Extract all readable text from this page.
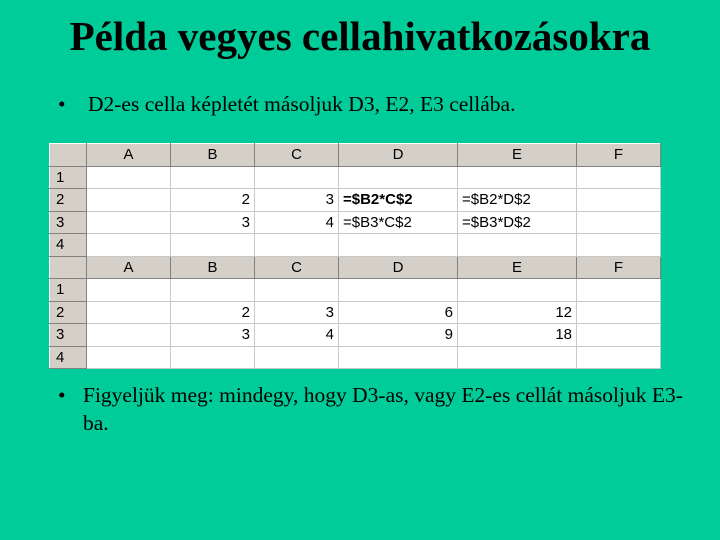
Példa vegyes cellahivatkozásokra
•	D2-es cella képletét másoljuk D3, E2, E3 cellába.
	A	B	C	D	E	F
1						
2		2	3	=$B2*C$2	=$B2*D$2	
3		3	4	=$B3*C$2	=$B3*D$2	
4						
	A	B	C	D	E	F
1						
2		2	3	6	12	
3		3	4	9	18	
4						
• Figyeljük meg: mindegy, hogy D3-as, vagy E2-es cellát másoljuk E3-ba.
